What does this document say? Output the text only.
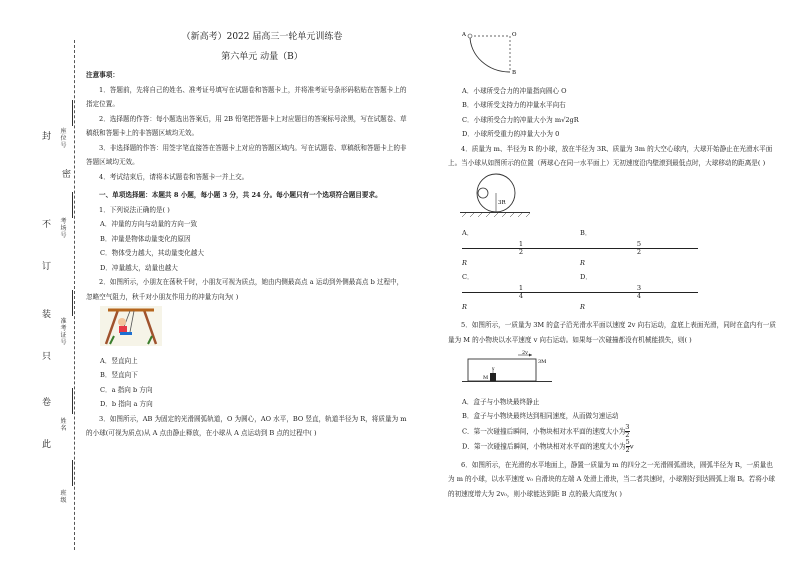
封
密
不
订
装
只
卷
此
班级
姓名
准考证号
考场号
座位号
（新高考）2022 届高三一轮单元训练卷
第六单元 动量（B）

注意事项：

1．答题前，先将自己的姓名、准考证号填写在试题卷和答题卡上，并将准考证号条形码粘贴在答题卡上的指定位置。

2．选择题的作答：每小题选出答案后，用 2B 铅笔把答题卡上对应题目的答案标号涂黑，写在试题卷、草稿纸和答题卡上的非答题区域均无效。

3．非选择题的作答：用签字笔直接答在答题卡上对应的答题区域内。写在试题卷、草稿纸和答题卡上的非答题区域均无效。

4．考试结束后，请将本试题卷和答题卡一并上交。

一、单项选择题：本题共 8 小题，每小题 3 分，共 24 分。每小题只有一个选项符合题目要求。

1．下列说法正确的是( )

A．冲量的方向与动量的方向一致

B．冲量是物体动量变化的原因

C．物体受力越大，其动量变化越大

D．冲量越大，动量也越大

2．如图所示，小朋友在荡秋千时，小朋友可视为质点，她由内侧最高点 a 运动到外侧最高点 b 过程中，忽略空气阻力，秋千对小朋友作用力的冲量方向为( )

A．竖直向上

B．竖直向下

C．a 指向 b 方向

D．b 指向 a 方向

3．如图所示，AB 为固定的光滑圆弧轨道，O 为圆心，AO 水平，BO 竖直，轨道半径为 R，将质量为 m 的小球(可视为质点)从 A 点由静止释放，在小球从 A 点运动到 B 点的过程中( )

A	O
B

A．小球所受合力的冲量指向圆心 O

B．小球所受支持力的冲量水平向右

C．小球所受合力的冲量大小为 m√2gR

D．小球所受重力的冲量大小为 0

4．质量为 m、半径为 R 的小球，放在半径为 3R、质量为 3m 的大空心球内，大球开始静止在光滑水平面上。当小球从如图所示的位置（两球心在同一水平面上）无初速度沿内壁滚到最低点时，大球移动的距离是( )

3R
A．
$\frac{1}{2}$
R
B．
$\frac{5}{2}$
R
C．
$\frac{1}{4}$
R
D．
$\frac{3}{4}$
R

5．如图所示，一质量为 3M 的盒子沿光滑水平面以速度 2v 向右运动，盒底上表面光滑，同时在盒内有一质量为 M 的小物块以水平速度 v 向右运动。如果每一次碰撞都没有机械能损失，则( )

2v
3M
v
M

A．盒子与小物块最终静止

B．盒子与小物块最终达到相同速度，从而做匀速运动

C．第一次碰撞后瞬间，小物块相对水平面的速度大小为 $\frac{3}{2}$

D．第一次碰撞后瞬间，小物块相对水平面的速度大小为 $\frac{5}{2}$ v

6．如图所示，在光滑的水平地面上，静置一质量为 m 的四分之一光滑圆弧滑块，圆弧半径为 R，一质量也为 m 的小球，以水平速度 v₀ 自滑块的左端 A 处滑上滑块，当二者共速时，小球刚好到达圆弧上端 B。若将小球的初速度增大为 2v₀，则小球能达到距 B 点的最大高度为( )
